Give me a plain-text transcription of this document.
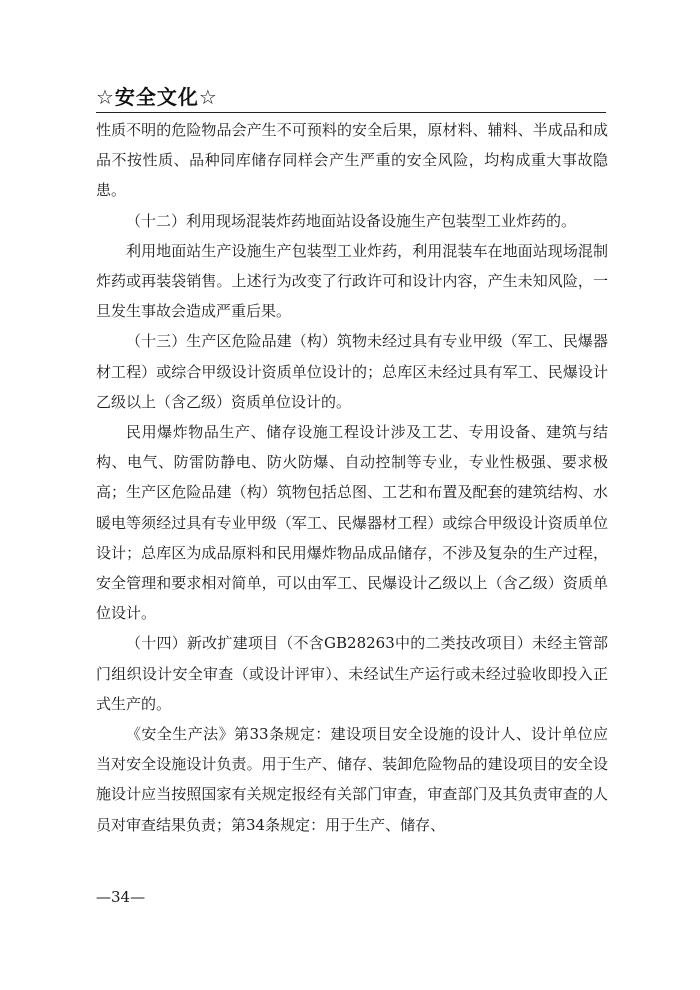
☆安全文化☆

性质不明的危险物品会产生不可预料的安全后果，原材料、辅料、半成品和成品不按性质、品种同库储存同样会产生严重的安全风险，均构成重大事故隐患。

（十二）利用现场混装炸药地面站设备设施生产包装型工业炸药的。

利用地面站生产设施生产包装型工业炸药，利用混装车在地面站现场混制炸药或再装袋销售。上述行为改变了行政许可和设计内容，产生未知风险，一旦发生事故会造成严重后果。

（十三）生产区危险品建（构）筑物未经过具有专业甲级（军工、民爆器材工程）或综合甲级设计资质单位设计的；总库区未经过具有军工、民爆设计乙级以上（含乙级）资质单位设计的。

民用爆炸物品生产、储存设施工程设计涉及工艺、专用设备、建筑与结构、电气、防雷防静电、防火防爆、自动控制等专业，专业性极强、要求极高；生产区危险品建（构）筑物包括总图、工艺和布置及配套的建筑结构、水暖电等须经过具有专业甲级（军工、民爆器材工程）或综合甲级设计资质单位设计；总库区为成品原料和民用爆炸物品成品储存，不涉及复杂的生产过程，安全管理和要求相对简单，可以由军工、民爆设计乙级以上（含乙级）资质单位设计。

（十四）新改扩建项目（不含GB28263中的二类技改项目）未经主管部门组织设计安全审查（或设计评审）、未经试生产运行或未经过验收即投入正式生产的。

《安全生产法》第33条规定：建设项目安全设施的设计人、设计单位应当对安全设施设计负责。用于生产、储存、装卸危险物品的建设项目的安全设施设计应当按照国家有关规定报经有关部门审查，审查部门及其负责审查的人员对审查结果负责；第34条规定：用于生产、储存、

—34—
